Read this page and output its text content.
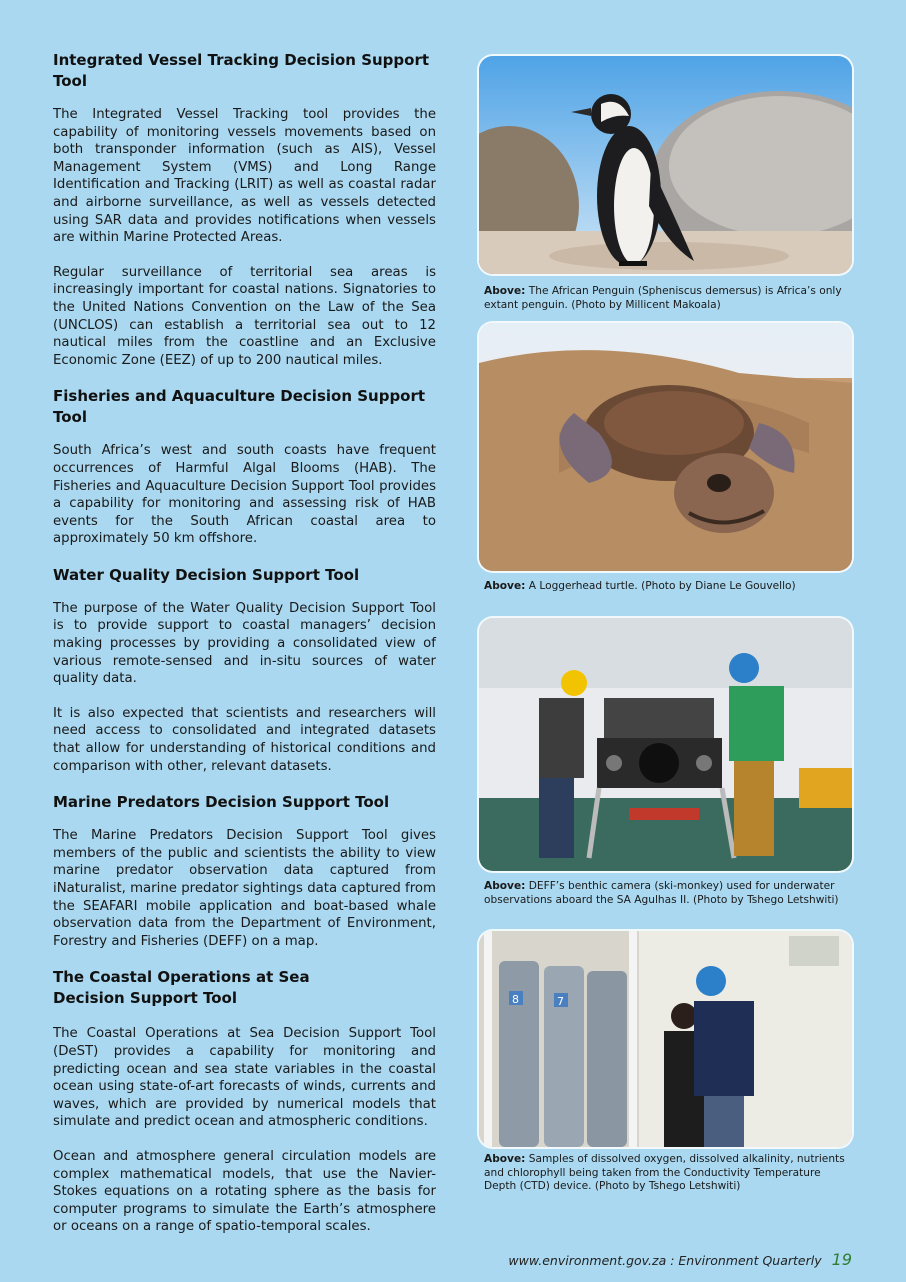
Integrated Vessel Tracking Decision Support Tool

The Integrated Vessel Tracking tool provides the capability of monitoring vessels movements based on both transponder information (such as AIS), Vessel Management System (VMS) and Long Range Identification and Tracking (LRIT) as well as coastal radar and airborne surveillance, as well as vessels detected using SAR data and provides notifications when vessels are within Marine Protected Areas.

Regular surveillance of territorial sea areas is increasingly important for coastal nations. Signatories to the United Nations Convention on the Law of the Sea (UNCLOS) can establish a territorial sea out to 12 nautical miles from the coastline and an Exclusive Economic Zone (EEZ) of up to 200 nautical miles.

Fisheries and Aquaculture Decision Support Tool

South Africa’s west and south coasts have frequent occurrences of Harmful Algal Blooms (HAB). The Fisheries and Aquaculture Decision Support Tool provides a capability for monitoring and assessing risk of HAB events for the South African coastal area to approximately 50 km offshore.

Water Quality Decision Support Tool

The purpose of the Water Quality Decision Support Tool is to provide support to coastal managers’ decision making processes by providing a consolidated view of various remote-sensed and in-situ sources of water quality data.

It is also expected that scientists and researchers will need access to consolidated and integrated datasets that allow for understanding of historical conditions and comparison with other, relevant datasets.

Marine Predators Decision Support Tool

The Marine Predators Decision Support Tool gives members of the public and scientists the ability to view marine predator observation data captured from iNaturalist, marine predator sightings data captured from the SEAFARI mobile application and boat-based whale observation data from the Department of Environment, Forestry and Fisheries (DEFF) on a map.

The Coastal Operations at Sea
Decision Support Tool

The Coastal Operations at Sea Decision Support Tool (DeST) provides a capability for monitoring and predicting ocean and sea state variables in the coastal ocean using state-of-art forecasts of winds, currents and waves, which are provided by numerical models that simulate and predict ocean and atmospheric conditions.

Ocean and atmosphere general circulation models are complex mathematical models, that use the Navier-Stokes equations on a rotating sphere as the basis for computer programs to simulate the Earth’s atmosphere or oceans on a range of spatio-temporal scales.

Above: The African Penguin (Spheniscus demersus) is Africa’s only extant penguin. (Photo by Millicent Makoala)
Above: A Loggerhead turtle. (Photo by Diane Le Gouvello)
Above: DEFF’s benthic camera (ski-monkey) used for underwater observations aboard the SA Agulhas II. (Photo by Tshego Letshwiti)
8	7
Above: Samples of dissolved oxygen, dissolved alkalinity, nutrients and chlorophyll being taken from the Conductivity Temperature Depth (CTD) device. (Photo by Tshego Letshwiti)
www.environment.gov.za : Environment Quarterly 19
